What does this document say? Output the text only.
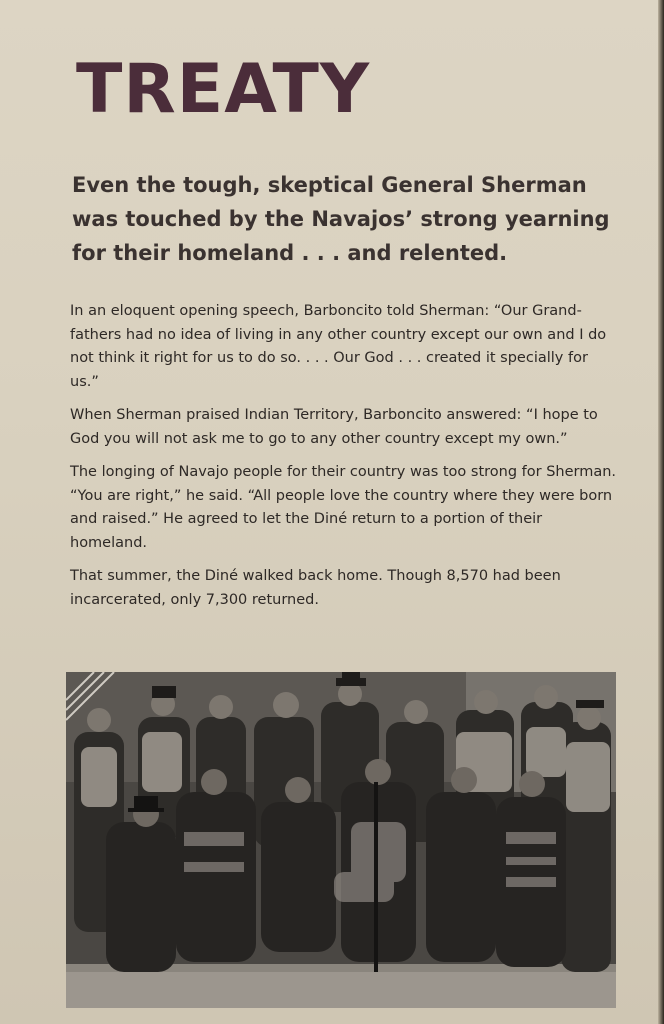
TREATY
Even the tough, skeptical General Sherman was touched by the Navajos’ strong yearning for their homeland . . . and relented.

In an eloquent opening speech, Barboncito told Sherman: “Our Grand-fathers had no idea of living in any other country except our own and I do not think it right for us to do so. . . . Our God . . . created it specially for us.”

When Sherman praised Indian Territory, Barboncito answered: “I hope to God you will not ask me to go to any other country except my own.”

The longing of Navajo people for their country was too strong for Sherman. “You are right,” he said. “All people love the country where they were born and raised.” He agreed to let the Diné return to a portion of their homeland.

That summer, the Diné walked back home. Though 8,570 had been incarcerated, only 7,300 returned.
